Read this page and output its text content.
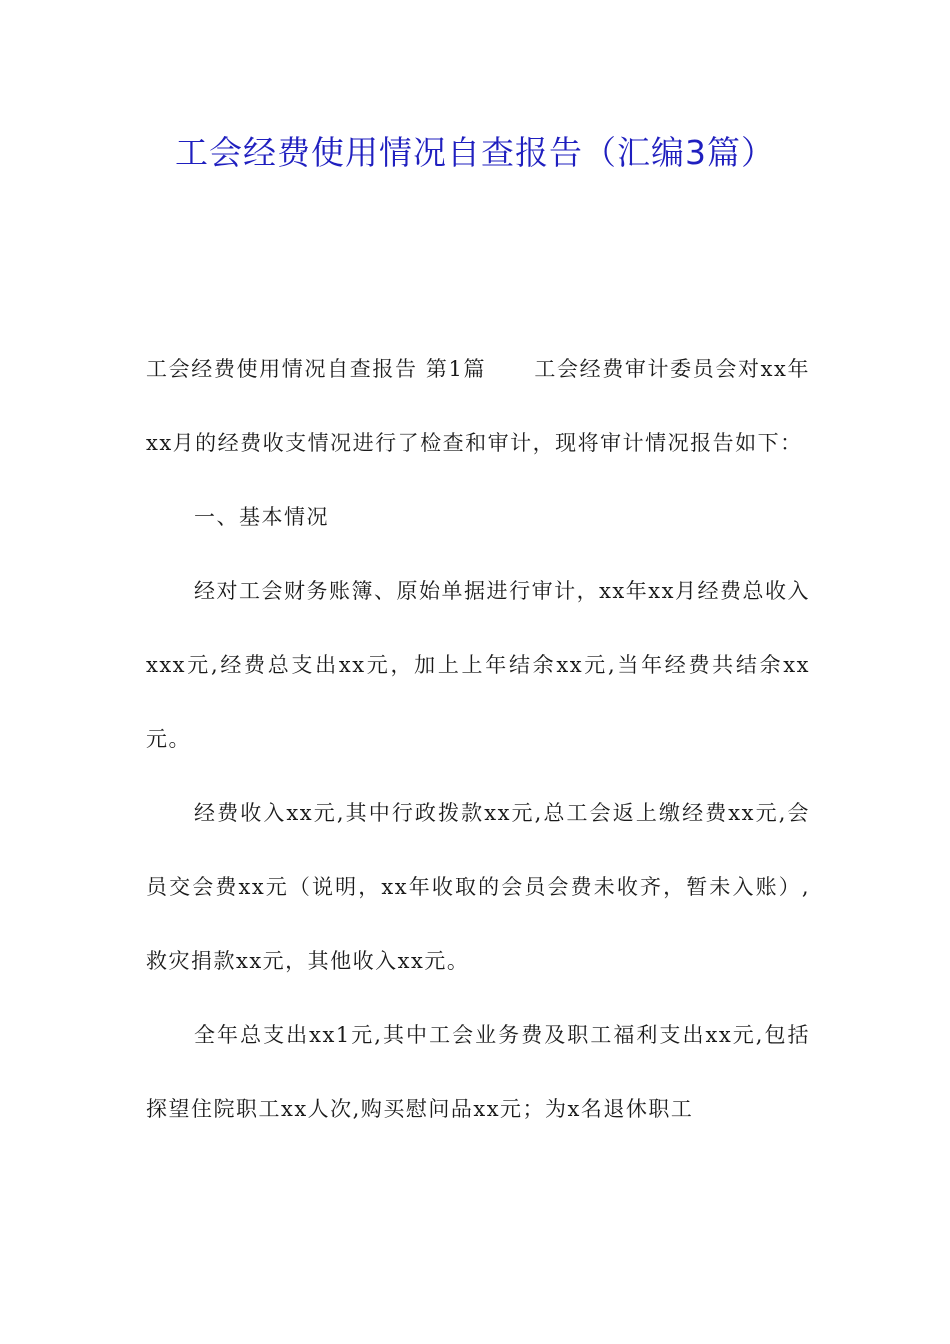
工会经费使用情况自查报告（汇编3篇）

工会经费使用情况自查报告 第1篇 工会经费审计委员会对xx年xx月的经费收支情况进行了检查和审计，现将审计情况报告如下：

一、基本情况

经对工会财务账簿、原始单据进行审计，xx年xx月经费总收入xxx元,经费总支出xx元，加上上年结余xx元,当年经费共结余xx元。

经费收入xx元,其中行政拨款xx元,总工会返上缴经费xx元,会员交会费xx元（说明，xx年收取的会员会费未收齐，暂未入账）,救灾捐款xx元，其他收入xx元。

全年总支出xx1元,其中工会业务费及职工福利支出xx元,包括探望住院职工xx人次,购买慰问品xx元；为x名退休职工
